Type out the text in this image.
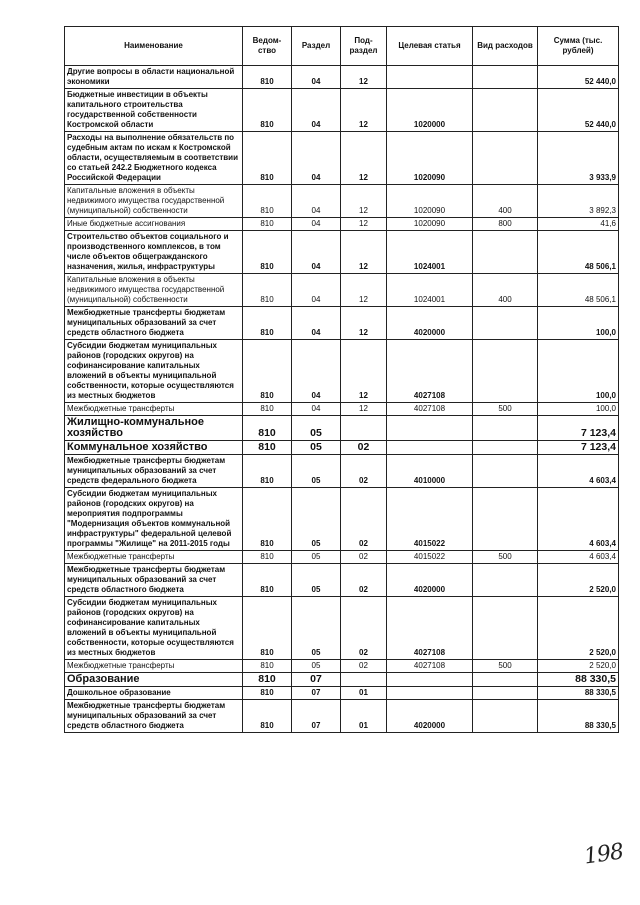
Наименование	Ведом-ство	Раздел	Под-раздел	Целевая статья	Вид расходов	Сумма (тыс. рублей)
Другие вопросы в области национальной экономики	810	04	12			52 440,0
Бюджетные инвестиции в объекты капитального строительства государственной собственности Костромской области	810	04	12	1020000		52 440,0
Расходы на выполнение обязательств по судебным актам по искам к Костромской области, осуществляемым в соответствии со статьей 242.2 Бюджетного кодекса Российской Федерации	810	04	12	1020090		3 933,9
Капитальные вложения в объекты недвижимого имущества государственной (муниципальной) собственности	810	04	12	1020090	400	3 892,3
Иные бюджетные ассигнования	810	04	12	1020090	800	41,6
Строительство объектов социального и производственного комплексов, в том числе объектов общегражданского назначения, жилья, инфраструктуры	810	04	12	1024001		48 506,1
Капитальные вложения в объекты недвижимого имущества государственной (муниципальной) собственности	810	04	12	1024001	400	48 506,1
Межбюджетные трансферты бюджетам муниципальных образований за счет средств областного бюджета	810	04	12	4020000		100,0
Субсидии бюджетам муниципальных районов (городских округов) на софинансирование капитальных вложений в объекты муниципальной собственности, которые осуществляются из местных бюджетов	810	04	12	4027108		100,0
Межбюджетные трансферты	810	04	12	4027108	500	100,0
Жилищно-коммунальное хозяйство	810	05				7 123,4
Коммунальное хозяйство	810	05	02			7 123,4
Межбюджетные трансферты бюджетам муниципальных образований за счет средств федерального бюджета	810	05	02	4010000		4 603,4
Субсидии бюджетам муниципальных районов (городских округов) на мероприятия подпрограммы "Модернизация объектов коммунальной инфраструктуры" федеральной целевой программы "Жилище" на 2011-2015 годы	810	05	02	4015022		4 603,4
Межбюджетные трансферты	810	05	02	4015022	500	4 603,4
Межбюджетные трансферты бюджетам муниципальных образований за счет средств областного бюджета	810	05	02	4020000		2 520,0
Субсидии бюджетам муниципальных районов (городских округов) на софинансирование капитальных вложений в объекты муниципальной собственности, которые осуществляются из местных бюджетов	810	05	02	4027108		2 520,0
Межбюджетные трансферты	810	05	02	4027108	500	2 520,0
Образование	810	07				88 330,5
Дошкольное образование	810	07	01			88 330,5
Межбюджетные трансферты бюджетам муниципальных образований за счет средств областного бюджета	810	07	01	4020000		88 330,5
198
